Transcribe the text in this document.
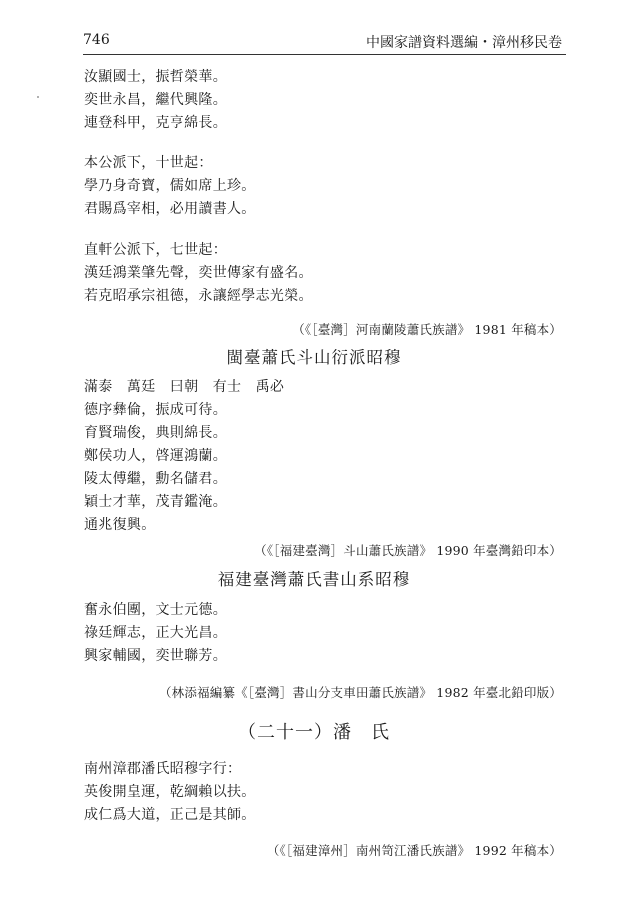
746	中國家譜資料選編・漳州移民卷
汝顯國士，振哲榮華。
奕世永昌，繼代興隆。
連登科甲，克亨綿長。
本公派下，十世起：
學乃身奇寶，儒如席上珍。
君賜爲宰相，必用讀書人。
直軒公派下，七世起：
漢廷鴻業肇先聲，奕世傳家有盛名。
若克昭承宗祖德，永讓經學志光榮。
（《［臺灣］河南蘭陵蕭氏族譜》 1981 年稿本）
閩臺蕭氏斗山衍派昭穆
滿泰　萬廷　曰朝　有士　禹必
德序彝倫，振成可待。
育賢瑞俊，典則綿長。
鄭侯功人，啓運鴻蘭。
陵太傅繼，勳名儲君。
穎士才華，茂青鑑淹。
通兆復興。
（《［福建臺灣］斗山蕭氏族譜》 1990 年臺灣鉛印本）
福建臺灣蕭氏書山系昭穆
奮永伯團，文士元德。
祿廷輝志，正大光昌。
興家輔國，奕世聯芳。
（林添福編纂《［臺灣］書山分支車田蕭氏族譜》 1982 年臺北鉛印版）
（二十一）潘　氏
南州漳郡潘氏昭穆字行：
英俊開皇運，乾綱賴以扶。
成仁爲大道，正己是其師。
（《［福建漳州］南州笥江潘氏族譜》 1992 年稿本）
